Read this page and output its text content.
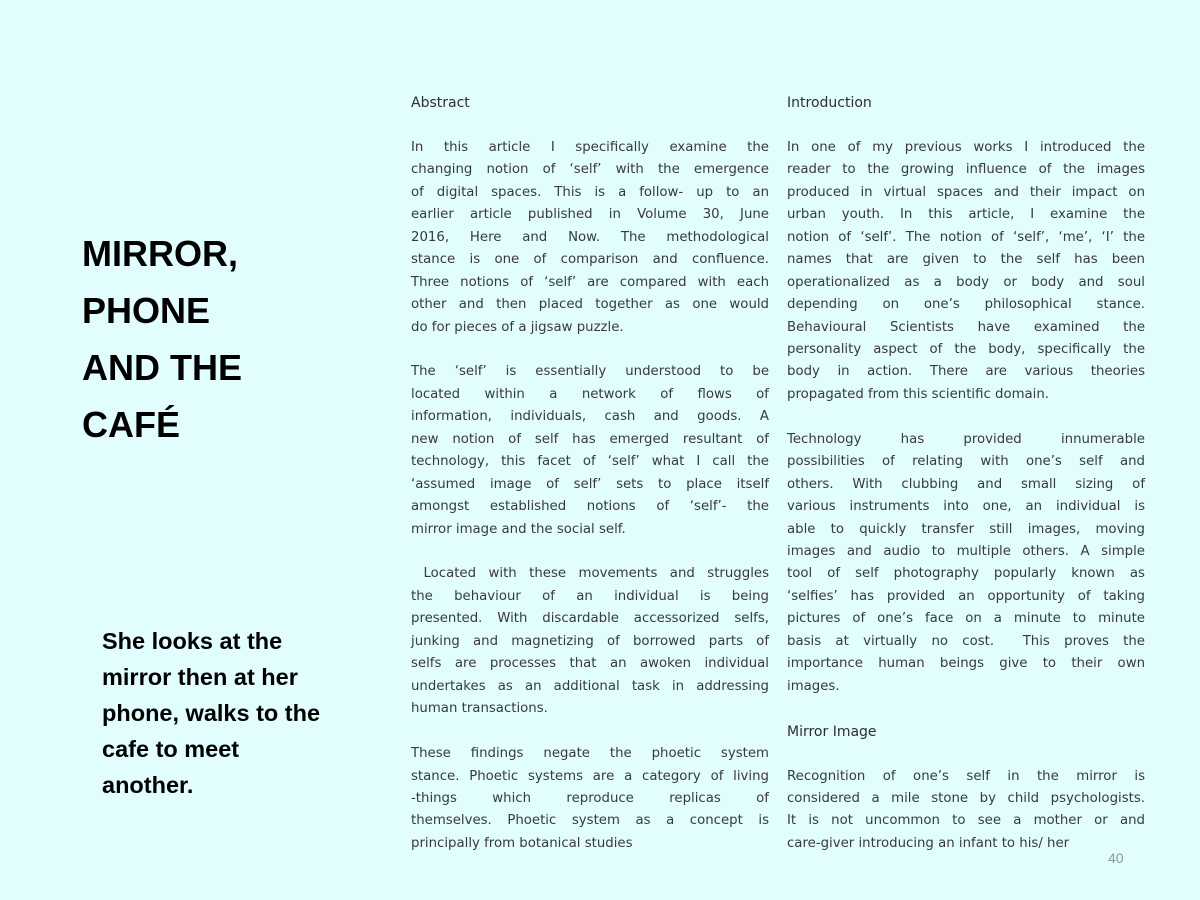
MIRROR,
PHONE
AND THE
CAFÉ

She looks at the
mirror then at her
phone, walks to the
cafe to meet
another.

Abstract

In this article I specifically examine the
changing notion of ‘self’ with the emergence
of digital spaces. This is a follow- up to an
earlier article published in Volume 30, June
2016, Here and Now. The methodological
stance is one of comparison and confluence.
Three notions of ‘self’ are compared with each
other and then placed together as one would
do for pieces of a jigsaw puzzle.

The ‘self’ is essentially understood to be
located within a network of flows of
information, individuals, cash and goods. A
new notion of self has emerged resultant of
technology, this facet of ‘self’ what I call the
‘assumed image of self’ sets to place itself
amongst established notions of ‘self’- the
mirror image and the social self.

Located with these movements and struggles
the behaviour of an individual is being
presented. With discardable accessorized selfs,
junking and magnetizing of borrowed parts of
selfs are processes that an awoken individual
undertakes as an additional task in addressing
human transactions.

These findings negate the phoetic system
stance. Phoetic systems are a category of living
-things which reproduce replicas of
themselves. Phoetic system as a concept is
principally from botanical studies

Introduction

In one of my previous works I introduced the
reader to the growing influence of the images
produced in virtual spaces and their impact on
urban youth. In this article, I examine the
notion of ‘self’. The notion of ‘self’, ‘me’, ‘I’ the
names that are given to the self has been
operationalized as a body or body and soul
depending on one’s philosophical stance.
Behavioural Scientists have examined the
personality aspect of the body, specifically the
body in action. There are various theories
propagated from this scientific domain.

Technology has provided innumerable
possibilities of relating with one’s self and
others. With clubbing and small sizing of
various instruments into one, an individual is
able to quickly transfer still images, moving
images and audio to multiple others. A simple
tool of self photography popularly known as
‘selfies’ has provided an opportunity of taking
pictures of one’s face on a minute to minute
basis at virtually no cost.  This proves the
importance human beings give to their own
images.

Mirror Image

Recognition of one’s self in the mirror is
considered a mile stone by child psychologists.
It is not uncommon to see a mother or and
care-giver introducing an infant to his/ her

40
